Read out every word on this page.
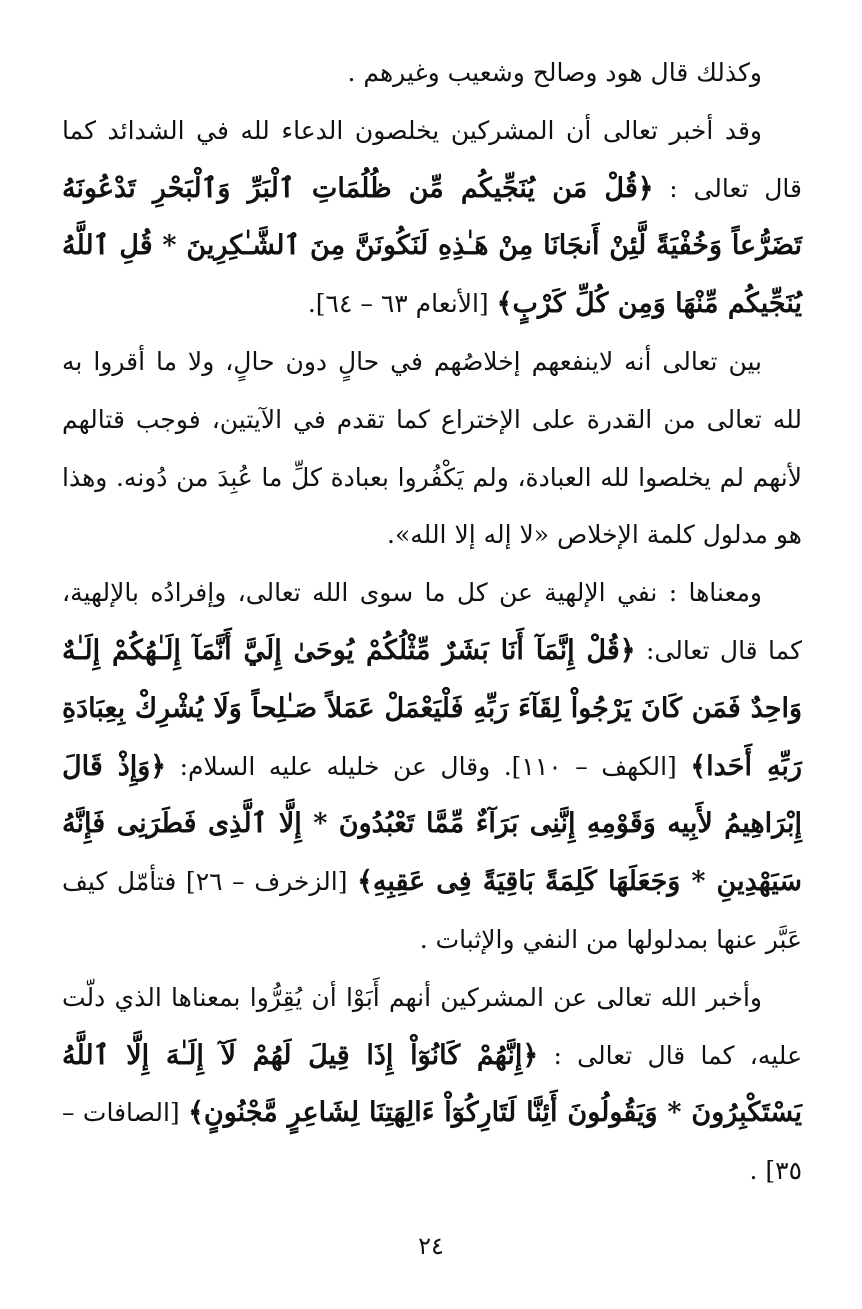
وكذلك قال هود وصالح وشعيب وغيرهم .

وقد أخبر تعالى أن المشركين يخلصون الدعاء لله في الشدائد كما قال تعالى : ﴿قُلْ مَن يُنَجِّيكُم مِّن ظُلُمَاتِ ٱلْبَرِّ وَٱلْبَحْرِ تَدْعُونَهُ تَضَرُّعاً وَخُفْيَةً لَّئِنْ أَنجَانَا مِنْ هَـٰذِهِ لَنَكُونَنَّ مِنَ ٱلشَّـٰكِرِينَ * قُلِ ٱللَّهُ يُنَجِّيكُم مِّنْهَا وَمِن كُلِّ كَرْبٍ﴾ [الأنعام ٦٣ – ٦٤].

بين تعالى أنه لاينفعهم إخلاصُهم في حالٍ دون حالٍ، ولا ما أقروا به لله تعالى من القدرة على الإختراع كما تقدم في الآيتين، فوجب قتالهم لأنهم لم يخلصوا لله العبادة، ولم يَكْفُروا بعبادة كلِّ ما عُبِدَ من دُونه. وهذا هو مدلول كلمة الإخلاص «لا إله إلا الله».

ومعناها : نفي الإلهية عن كل ما سوى الله تعالى، وإفرادُه بالإلهية، كما قال تعالى: ﴿قُلْ إِنَّمَآ أَنَا بَشَرٌ مِّثْلُكُمْ يُوحَىٰ إِلَيَّ أَنَّمَآ إِلَـٰهُكُمْ إِلَـٰهٌ وَاحِدٌ فَمَن كَانَ يَرْجُواْ لِقَآءَ رَبِّهِ فَلْيَعْمَلْ عَمَلاً صَـٰلِحاً وَلَا يُشْرِكْ بِعِبَادَةِ رَبِّهِ أَحَدا﴾ [الكهف – ١١٠]. وقال عن خليله عليه السلام: ﴿وَإِذْ قَالَ إِبْرَاهِيمُ لأَبِيه وَقَوْمِهِ إِنَّنِى بَرَآءٌ مِّمَّا تَعْبُدُونَ * إِلَّا ٱلَّذِى فَطَرَنِى فَإِنَّهُ سَيَهْدِينِ * وَجَعَلَهَا كَلِمَةً بَاقِيَةً فِى عَقِبِهِ﴾ [الزخرف – ٢٦] فتأمّل كيف عَبَّر عنها بمدلولها من النفي والإثبات .

وأخبر الله تعالى عن المشركين أنهم أَبَوْا أن يُقِرُّوا بمعناها الذي دلّت عليه، كما قال تعالى : ﴿إِنَّهُمْ كَانُوٓاْ إِذَا قِيلَ لَهُمْ لَآ إِلَـٰهَ إِلَّا ٱللَّهُ يَسْتَكْبِرُونَ * وَيَقُولُونَ أَئِنَّا لَتَارِكُوٓاْ ءَالِهَتِنَا لِشَاعِرٍ مَّجْنُونٍ﴾ [الصافات – ٣٥] .

٢٤
